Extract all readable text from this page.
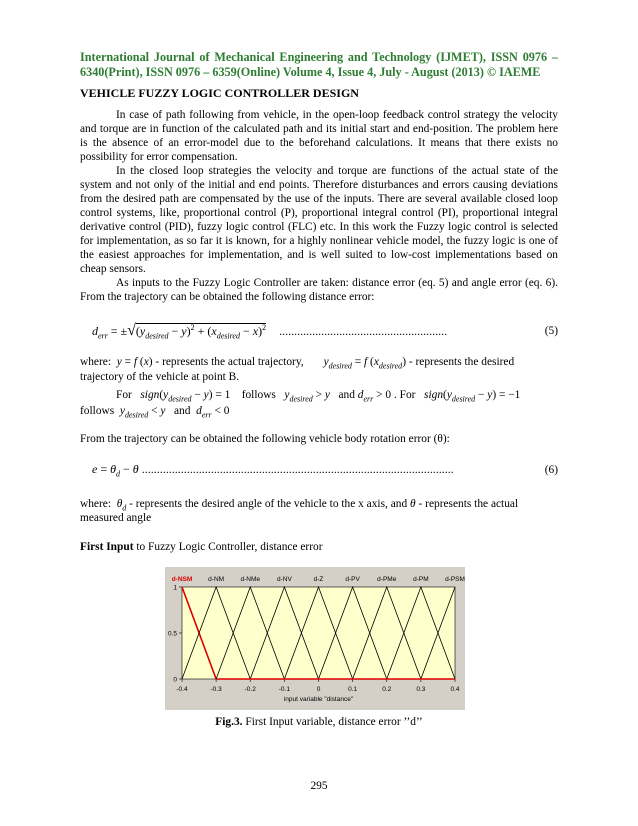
International Journal of Mechanical Engineering and Technology (IJMET), ISSN 0976 – 6340(Print), ISSN 0976 – 6359(Online) Volume 4, Issue 4, July - August (2013) © IAEME
VEHICLE FUZZY LOGIC CONTROLLER DESIGN

In case of path following from vehicle, in the open-loop feedback control strategy the velocity and torque are in function of the calculated path and its initial start and end-position. The problem here is the absence of an error-model due to the beforehand calculations. It means that there exists no possibility for error compensation.

In the closed loop strategies the velocity and torque are functions of the actual state of the system and not only of the initial and end points. Therefore disturbances and errors causing deviations from the desired path are compensated by the use of the inputs. There are several available closed loop control systems, like, proportional control (P), proportional integral control (PI), proportional integral derivative control (PID), fuzzy logic control (FLC) etc. In this work the Fuzzy logic control is selected for implementation, as so far it is known, for a highly nonlinear vehicle model, the fuzzy logic is one of the easiest approaches for implementation, and is well suited to low-cost implementations based on cheap sensors.

As inputs to the Fuzzy Logic Controller are taken: distance error (eq. 5) and angle error (eq. 6). From the trajectory can be obtained the following distance error:

$d_{err} = \pm√(y_{desired} - y)^2 + (x_{desired} - x)^2$ ........................................................	(5)
where:  y = f (x) - represents the actual trajectory, $y_{desired} = f$ $(x_{desired})$ - represents the desired
trajectory of the vehicle at point B.
For $sign(y_{desired} - y) = 1$    follows $y_{desired} > y$ and $d_{err} > 0$ . For $sign(y_{desired} - y) = -1$
follows $y_{desired} < y$ and $d_{err} < 0$

From the trajectory can be obtained the following vehicle body rotation error (θ):

$e = \theta_d - \theta$ ........................................................................................................	(6)
where:  $\theta_d$ - represents the desired angle of the vehicle to the x axis, and θ - represents the actual
measured angle
First Input to Fuzzy Logic Controller, distance error
-0.4	-0.3	-0.2	-0.1	0	0.1	0.2	0.3	0.4
0
0.5
1
input variable "distance"
d-NSM d-NM	d-NMe	d-NV	d-Z	d-PV	d-PMe	d-PM	d-PSM
Fig.3. First Input variable, distance error ’’d’’
295
